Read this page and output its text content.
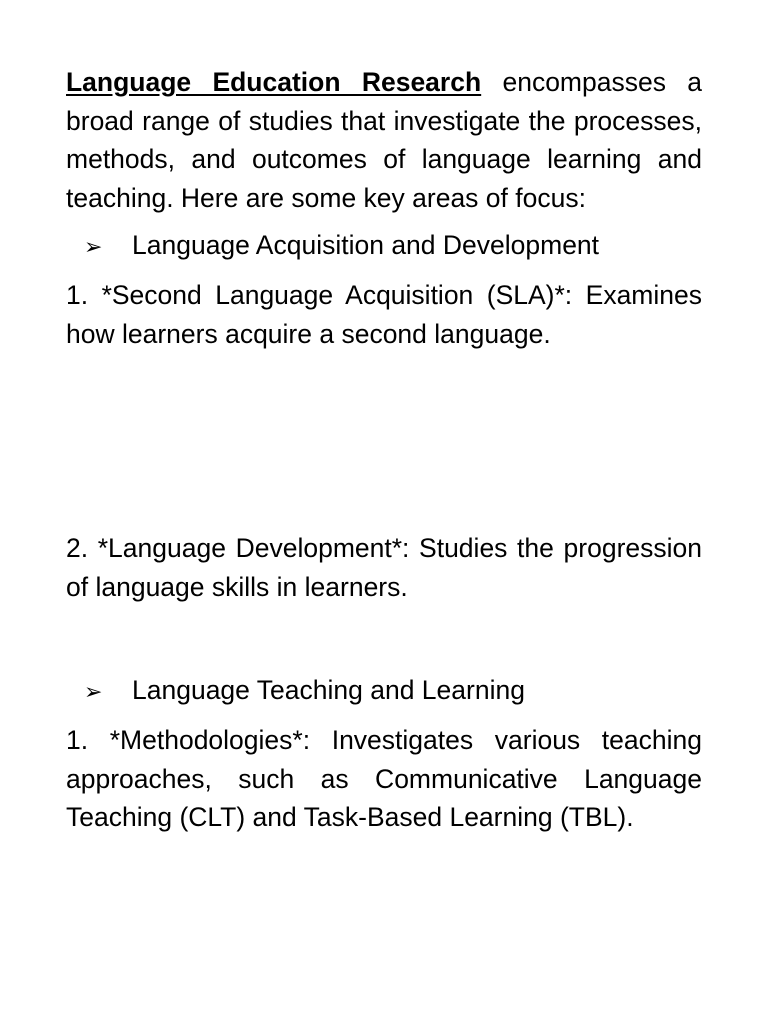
Language Education Research encompasses a broad range of studies that investigate the processes, methods, and outcomes of language learning and teaching. Here are some key areas of focus:

➢	Language Acquisition and Development

1. *Second Language Acquisition (SLA)*: Examines how learners acquire a second language.

2. *Language Development*: Studies the progression of language skills in learners.

➢	Language Teaching and Learning

1. *Methodologies*: Investigates various teaching approaches, such as Communicative Language Teaching (CLT) and Task-Based Learning (TBL).
